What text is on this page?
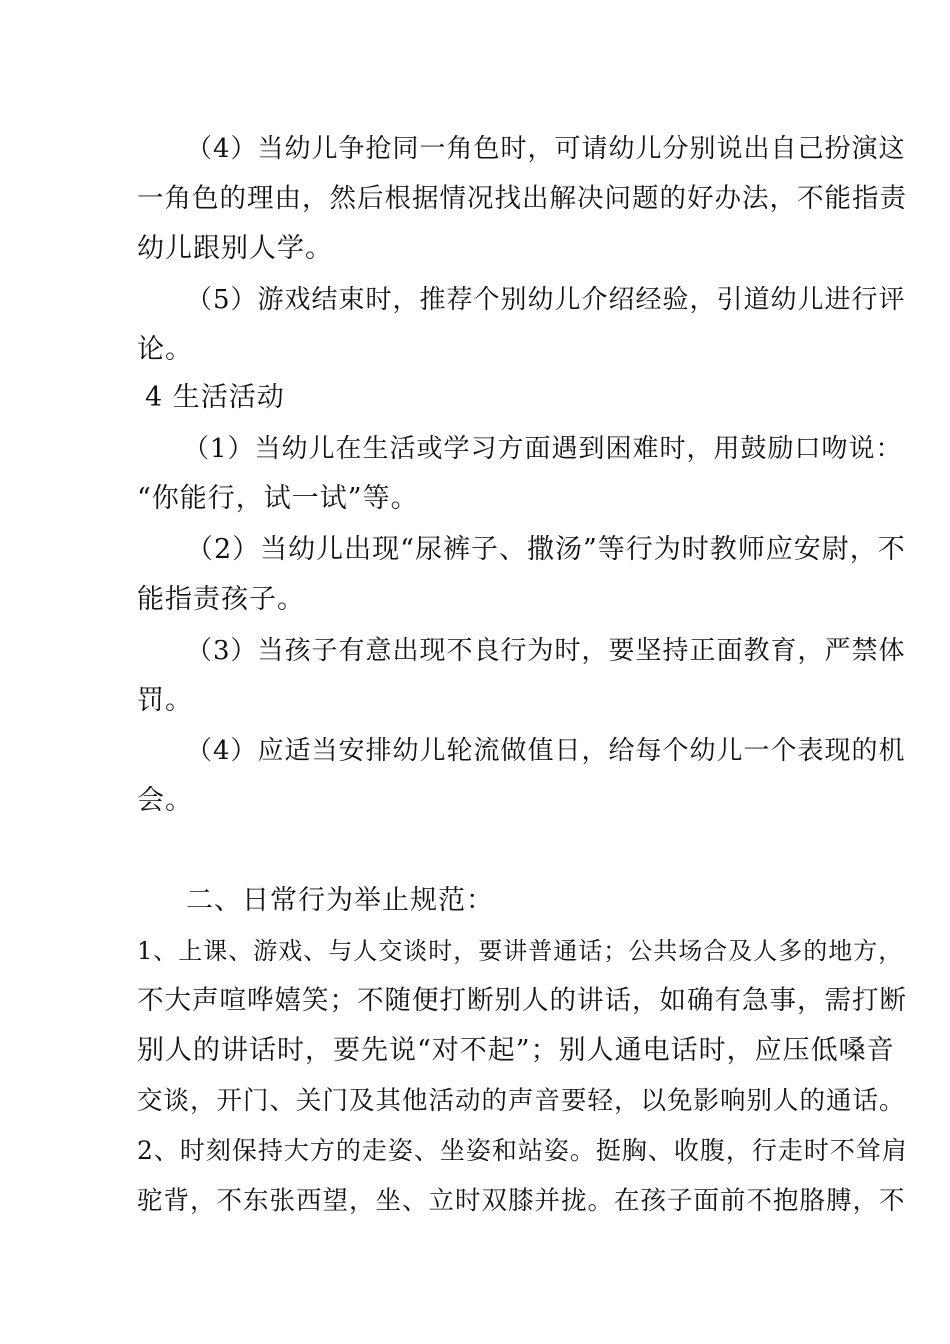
（4）当幼儿争抢同一角色时，可请幼儿分别说出自己扮演这
一角色的理由，然后根据情况找出解决问题的好办法，不能指责
幼儿跟别人学。
（5）游戏结束时，推荐个别幼儿介绍经验，引道幼儿进行评
论。
4 生活活动
（1）当幼儿在生活或学习方面遇到困难时，用鼓励口吻说：
“你能行，试一试”等。
（2）当幼儿出现“尿裤子、撒汤”等行为时教师应安尉，不
能指责孩子。
（3）当孩子有意出现不良行为时，要坚持正面教育，严禁体
罚。
（4）应适当安排幼儿轮流做值日，给每个幼儿一个表现的机
会。
二、日常行为举止规范：
1、上课、游戏、与人交谈时，要讲普通话；公共场合及人多的地方，
不大声喧哗嬉笑；不随便打断别人的讲话，如确有急事，需打断
别人的讲话时，要先说“对不起”；别人通电话时，应压低嗓音
交谈，开门、关门及其他活动的声音要轻，以免影响别人的通话。
2、时刻保持大方的走姿、坐姿和站姿。挺胸、收腹，行走时不耸肩
驼背，不东张西望，坐、立时双膝并拢。在孩子面前不抱胳膊，不
